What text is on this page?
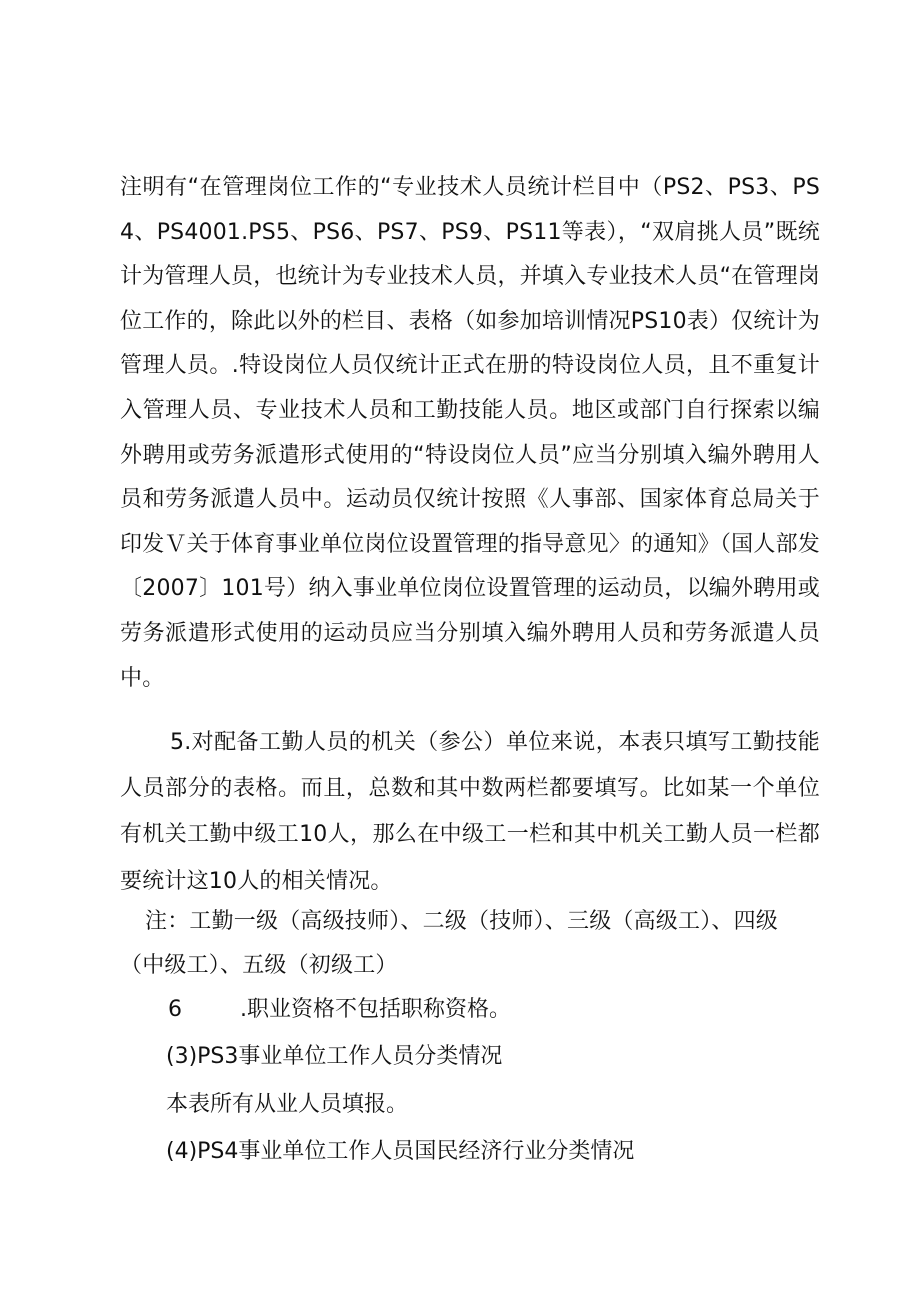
注明有“在管理岗位工作的“专业技术人员统计栏目中（PS2、PS3、PS4、PS4001.PS5、PS6、PS7、PS9、PS11等表），“双肩挑人员”既统计为管理人员，也统计为专业技术人员，并填入专业技术人员“在管理岗位工作的，除此以外的栏目、表格（如参加培训情况PS10表）仅统计为管理人员。.特设岗位人员仅统计正式在册的特设岗位人员，且不重复计入管理人员、专业技术人员和工勤技能人员。地区或部门自行探索以编外聘用或劳务派遣形式使用的“特设岗位人员”应当分别填入编外聘用人员和劳务派遣人员中。运动员仅统计按照《人事部、国家体育总局关于印发Ｖ关于体育事业单位岗位设置管理的指导意见〉的通知》（国人部发〔2007〕101号）纳入事业单位岗位设置管理的运动员，以编外聘用或劳务派遣形式使用的运动员应当分别填入编外聘用人员和劳务派遣人员中。

5.对配备工勤人员的机关（参公）单位来说，本表只填写工勤技能人员部分的表格。而且，总数和其中数两栏都要填写。比如某一个单位有机关工勤中级工10人，那么在中级工一栏和其中机关工勤人员一栏都要统计这10人的相关情况。

注：工勤一级（高级技师）、二级（技师）、三级（高级工）、四级（中级工）、五级（初级工）

6	.职业资格不包括职称资格。
(3)PS3事业单位工作人员分类情况
本表所有从业人员填报。
(4)PS4事业单位工作人员国民经济行业分类情况
